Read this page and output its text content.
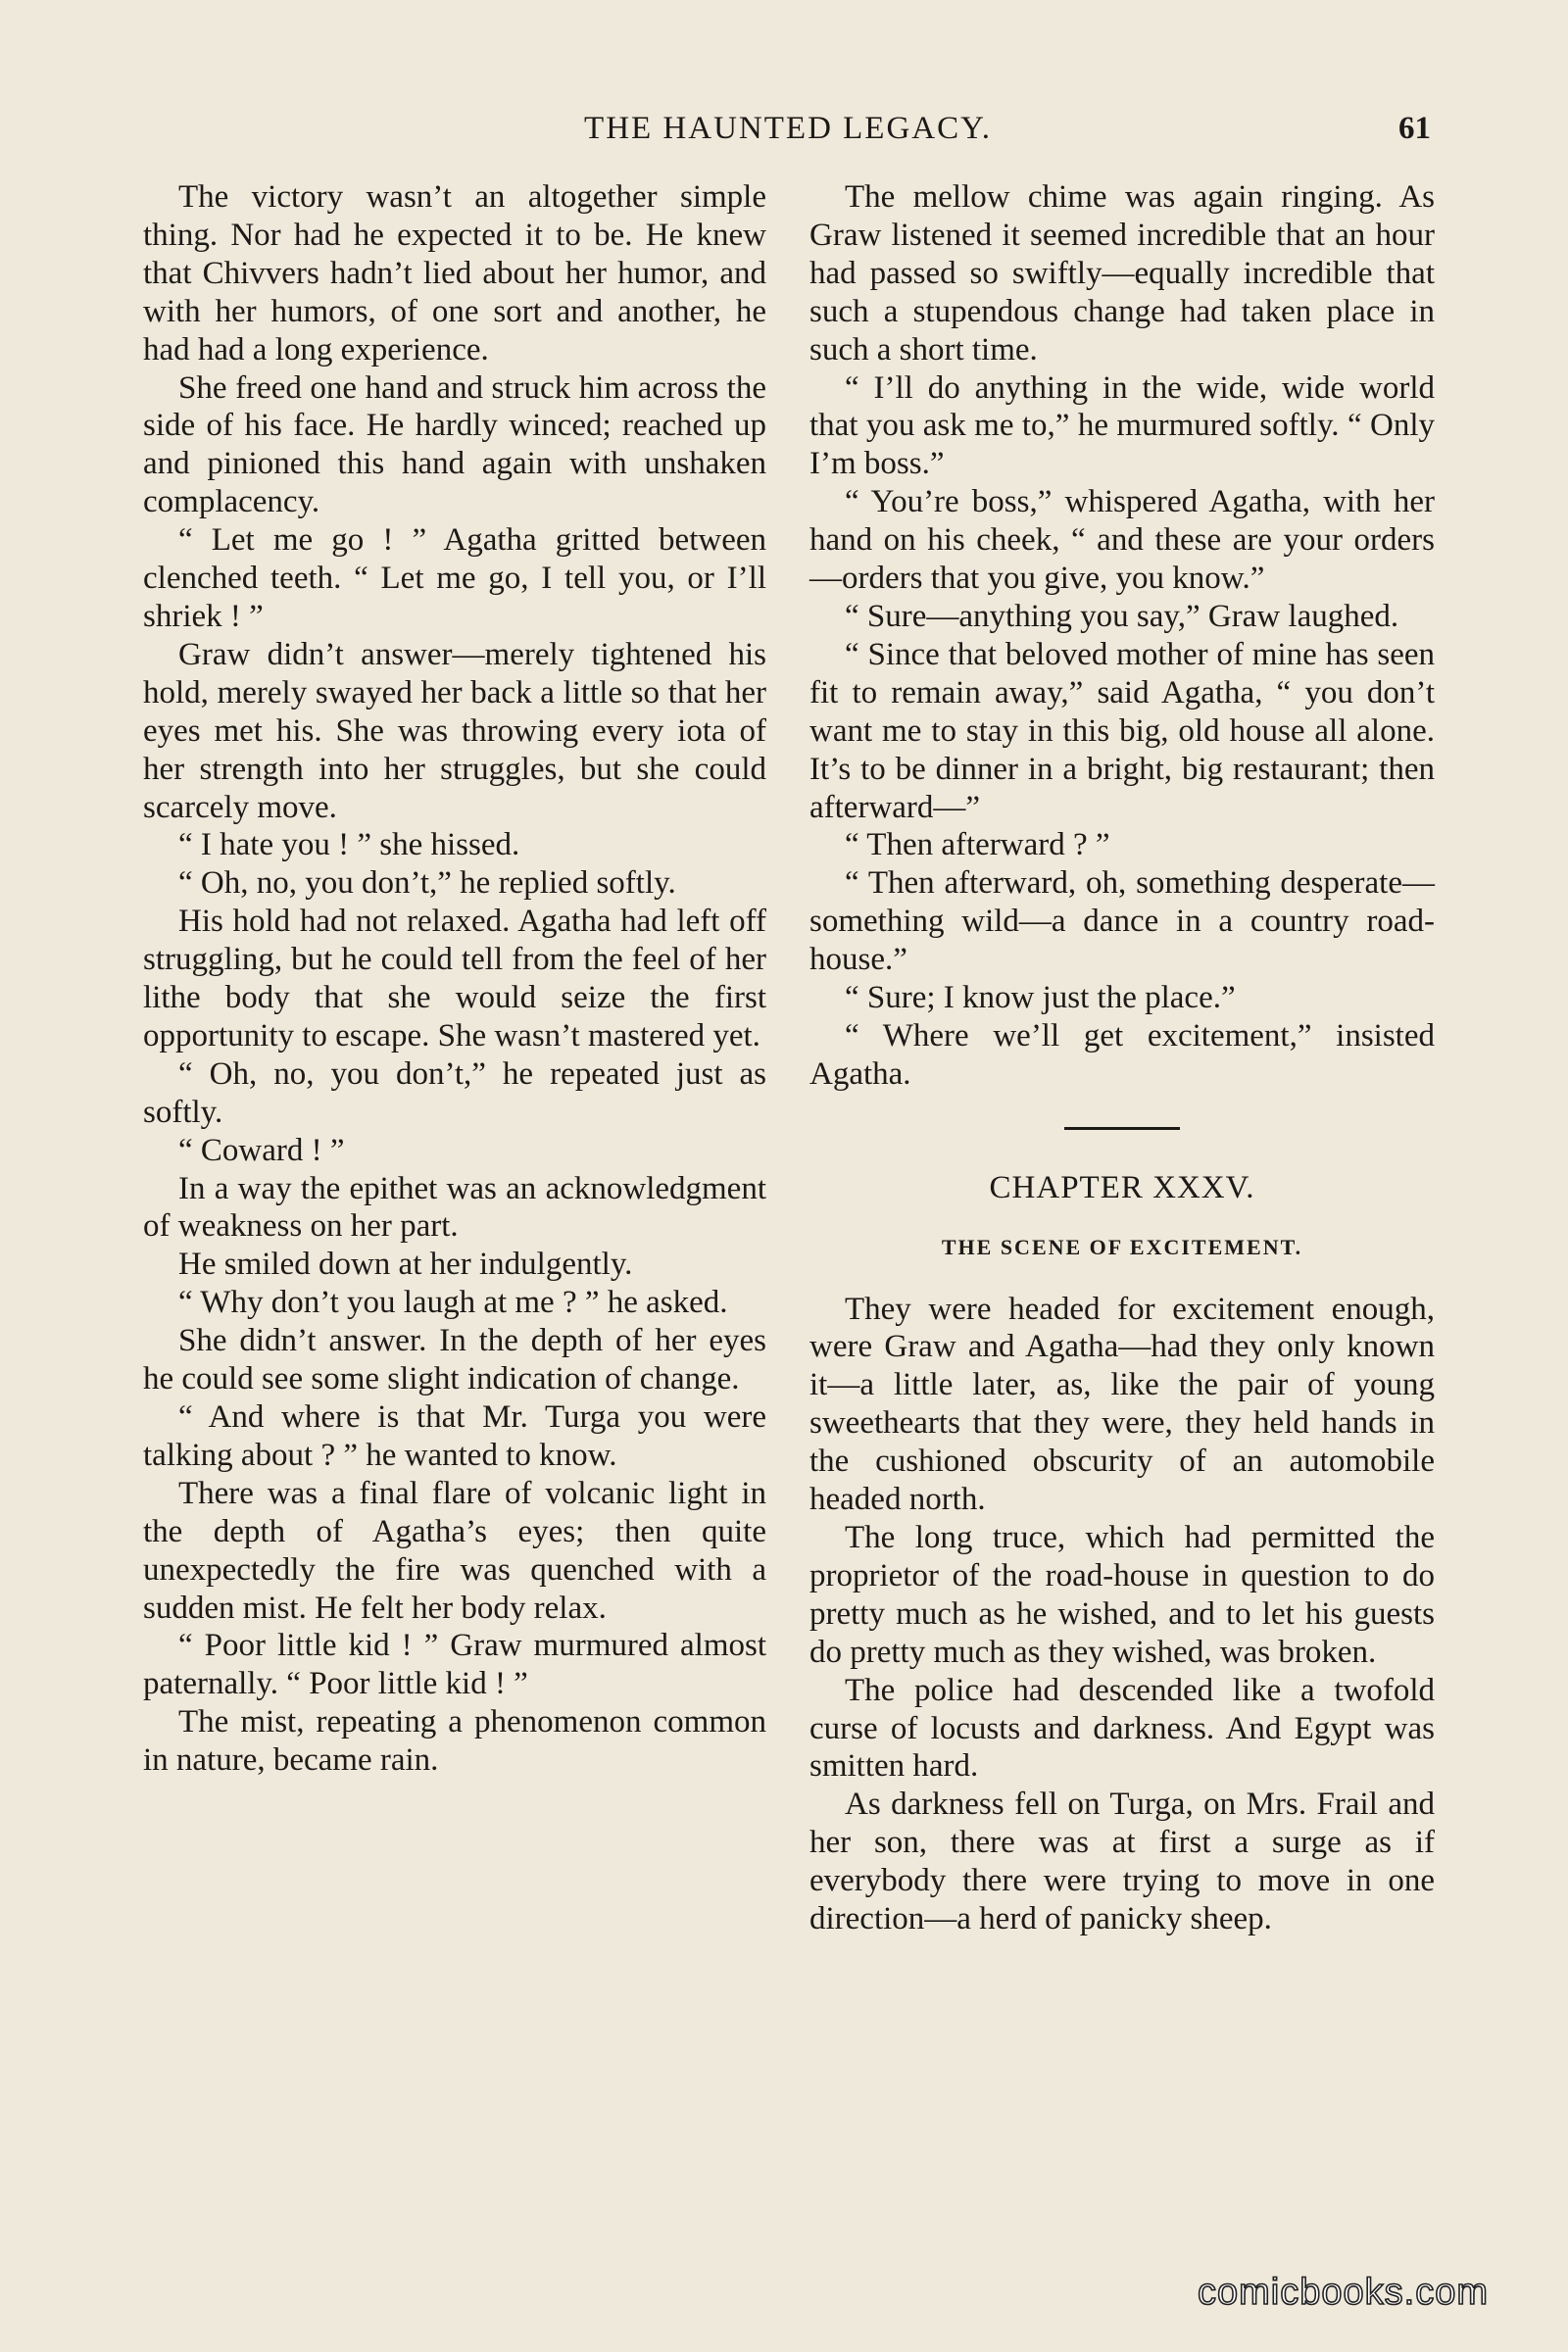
THE HAUNTED LEGACY.	61

The victory wasn’t an altogether simple thing. Nor had he expected it to be. He knew that Chivvers hadn’t lied about her humor, and with her humors, of one sort and another, he had had a long experience.

She freed one hand and struck him across the side of his face. He hardly winced; reached up and pinioned this hand again with unshaken complacency.

“ Let me go ! ” Agatha gritted between clenched teeth. “ Let me go, I tell you, or I’ll shriek ! ”

Graw didn’t answer—merely tightened his hold, merely swayed her back a little so that her eyes met his. She was throwing every iota of her strength into her struggles, but she could scarcely move.

“ I hate you ! ” she hissed.

“ Oh, no, you don’t,” he replied softly.

His hold had not relaxed. Agatha had left off struggling, but he could tell from the feel of her lithe body that she would seize the first opportunity to escape. She wasn’t mastered yet.

“ Oh, no, you don’t,” he repeated just as softly.

“ Coward ! ”

In a way the epithet was an acknowledgment of weakness on her part.

He smiled down at her indulgently.

“ Why don’t you laugh at me ? ” he asked.

She didn’t answer. In the depth of her eyes he could see some slight indication of change.

“ And where is that Mr. Turga you were talking about ? ” he wanted to know.

There was a final flare of volcanic light in the depth of Agatha’s eyes; then quite unexpectedly the fire was quenched with a sudden mist. He felt her body relax.

“ Poor little kid ! ” Graw murmured almost paternally. “ Poor little kid ! ”

The mist, repeating a phenomenon common in nature, became rain.

The mellow chime was again ringing. As Graw listened it seemed incredible that an hour had passed so swiftly—equally incredible that such a stupendous change had taken place in such a short time.

“ I’ll do anything in the wide, wide world that you ask me to,” he murmured softly. “ Only I’m boss.”

“ You’re boss,” whispered Agatha, with her hand on his cheek, “ and these are your orders—orders that you give, you know.”

“ Sure—anything you say,” Graw laughed.

“ Since that beloved mother of mine has seen fit to remain away,” said Agatha, “ you don’t want me to stay in this big, old house all alone. It’s to be dinner in a bright, big restaurant; then afterward—”

“ Then afterward ? ”

“ Then afterward, oh, something desperate—something wild—a dance in a country road-house.”

“ Sure; I know just the place.”

“ Where we’ll get excitement,” insisted Agatha.

CHAPTER XXXV.
THE SCENE OF EXCITEMENT.

They were headed for excitement enough, were Graw and Agatha—had they only known it—a little later, as, like the pair of young sweethearts that they were, they held hands in the cushioned obscurity of an automobile headed north.

The long truce, which had permitted the proprietor of the road-house in question to do pretty much as he wished, and to let his guests do pretty much as they wished, was broken.

The police had descended like a twofold curse of locusts and darkness. And Egypt was smitten hard.

As darkness fell on Turga, on Mrs. Frail and her son, there was at first a surge as if everybody there were trying to move in one direction—a herd of panicky sheep.

comicbooks.com
